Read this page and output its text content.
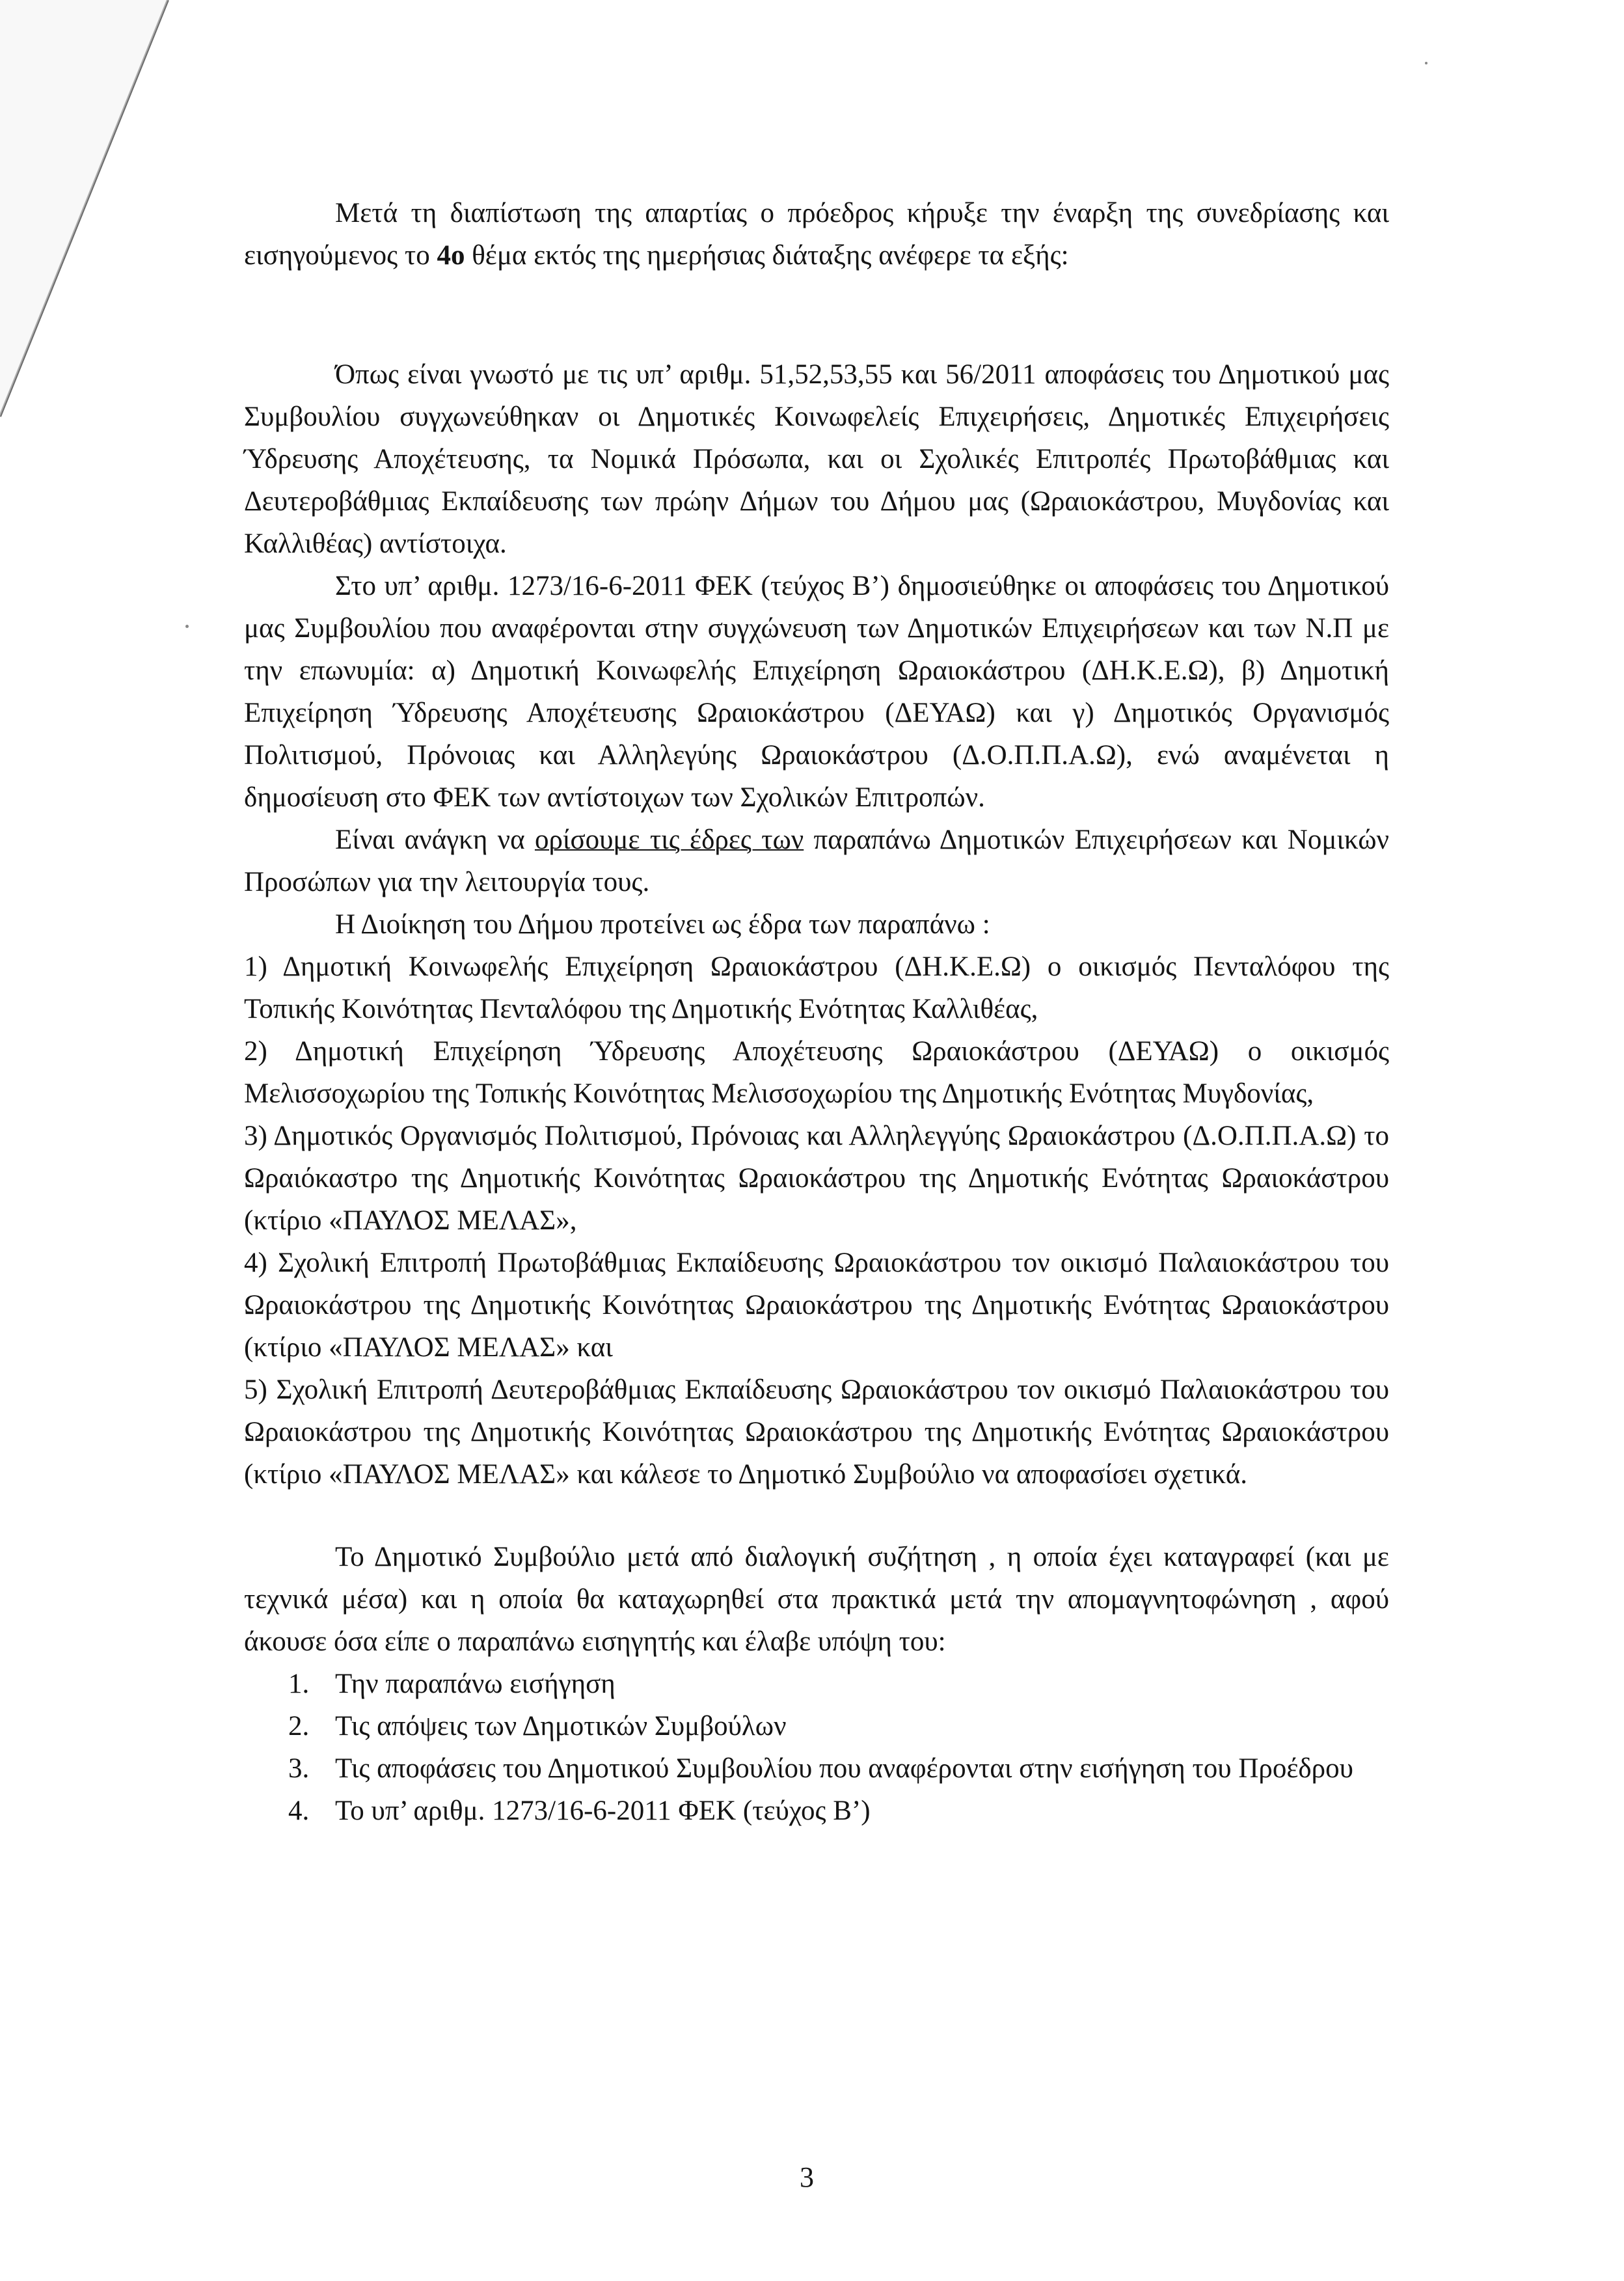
Μετά τη διαπίστωση της απαρτίας ο πρόεδρος κήρυξε την έναρξη της συνεδρίασης και εισηγούμενος το 4ο θέμα εκτός της ημερήσιας διάταξης ανέφερε τα εξής:

Όπως είναι γνωστό με τις υπ’ αριθμ. 51,52,53,55 και 56/2011 αποφάσεις του Δημοτικού μας Συμβουλίου συγχωνεύθηκαν οι Δημοτικές Κοινωφελείς Επιχειρήσεις, Δημοτικές Επιχειρήσεις Ύδρευσης Αποχέτευσης, τα Νομικά Πρόσωπα, και οι Σχολικές Επιτροπές Πρωτοβάθμιας και Δευτεροβάθμιας Εκπαίδευσης των πρώην Δήμων του Δήμου μας (Ωραιοκάστρου, Μυγδονίας και Καλλιθέας) αντίστοιχα.

Στο υπ’ αριθμ. 1273/16-6-2011 ΦΕΚ (τεύχος Β’) δημοσιεύθηκε οι αποφάσεις του Δημοτικού μας Συμβουλίου που αναφέρονται στην συγχώνευση των Δημοτικών Επιχειρήσεων και των Ν.Π με την επωνυμία: α) Δημοτική Κοινωφελής Επιχείρηση Ωραιοκάστρου (ΔΗ.Κ.Ε.Ω), β) Δημοτική Επιχείρηση Ύδρευσης Αποχέτευσης Ωραιοκάστρου (ΔΕΥΑΩ) και γ) Δημοτικός Οργανισμός Πολιτισμού, Πρόνοιας και Αλληλεγύης Ωραιοκάστρου (Δ.Ο.Π.Π.Α.Ω), ενώ αναμένεται η δημοσίευση στο ΦΕΚ των αντίστοιχων των Σχολικών Επιτροπών.

Είναι ανάγκη να ορίσουμε τις έδρες των παραπάνω Δημοτικών Επιχειρήσεων και Νομικών Προσώπων για την λειτουργία τους.

Η Διοίκηση του Δήμου προτείνει ως έδρα των παραπάνω :

1) Δημοτική Κοινωφελής Επιχείρηση Ωραιοκάστρου (ΔΗ.Κ.Ε.Ω) ο οικισμός Πενταλόφου της Τοπικής Κοινότητας Πενταλόφου της Δημοτικής Ενότητας Καλλιθέας,

2) Δημοτική Επιχείρηση Ύδρευσης Αποχέτευσης Ωραιοκάστρου (ΔΕΥΑΩ) ο οικισμός Μελισσοχωρίου της Τοπικής Κοινότητας Μελισσοχωρίου της Δημοτικής Ενότητας Μυγδονίας,

3) Δημοτικός Οργανισμός Πολιτισμού, Πρόνοιας και Αλληλεγγύης Ωραιοκάστρου (Δ.Ο.Π.Π.Α.Ω) το Ωραιόκαστρο της Δημοτικής Κοινότητας Ωραιοκάστρου της Δημοτικής Ενότητας Ωραιοκάστρου (κτίριο «ΠΑΥΛΟΣ ΜΕΛΑΣ»,

4) Σχολική Επιτροπή Πρωτοβάθμιας Εκπαίδευσης Ωραιοκάστρου τον οικισμό Παλαιοκάστρου του Ωραιοκάστρου της Δημοτικής Κοινότητας Ωραιοκάστρου της Δημοτικής Ενότητας Ωραιοκάστρου (κτίριο «ΠΑΥΛΟΣ ΜΕΛΑΣ» και

5) Σχολική Επιτροπή Δευτεροβάθμιας Εκπαίδευσης Ωραιοκάστρου τον οικισμό Παλαιοκάστρου του Ωραιοκάστρου της Δημοτικής Κοινότητας Ωραιοκάστρου της Δημοτικής Ενότητας Ωραιοκάστρου (κτίριο «ΠΑΥΛΟΣ ΜΕΛΑΣ» και κάλεσε το Δημοτικό Συμβούλιο να αποφασίσει σχετικά.

Το Δημοτικό Συμβούλιο μετά από διαλογική συζήτηση , η οποία έχει καταγραφεί (και με τεχνικά μέσα) και η οποία θα καταχωρηθεί στα πρακτικά μετά την απομαγνητοφώνηση , αφού άκουσε όσα είπε ο παραπάνω εισηγητής και έλαβε υπόψη του:

1. Την παραπάνω εισήγηση
2. Τις απόψεις των Δημοτικών Συμβούλων
3. Τις αποφάσεις του Δημοτικού Συμβουλίου που αναφέρονται στην εισήγηση του Προέδρου
4. Το υπ’ αριθμ. 1273/16-6-2011 ΦΕΚ (τεύχος Β’)
3
